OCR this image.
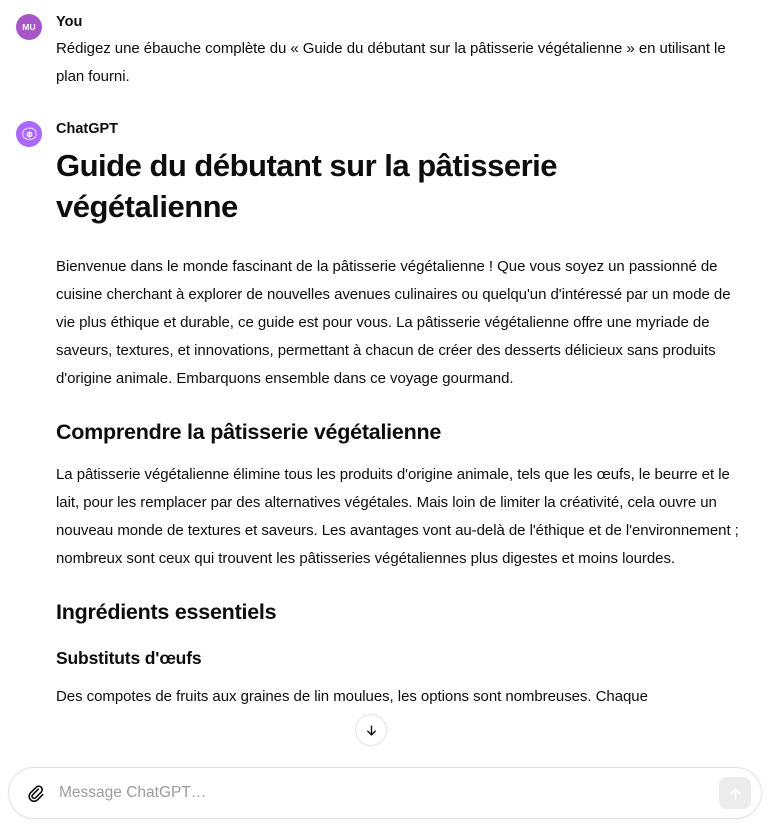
MU	You

Rédigez une ébauche complète du « Guide du débutant sur la pâtisserie végétalienne » en utilisant le plan fourni.

ChatGPT
Guide du débutant sur la pâtisserie végétalienne

Bienvenue dans le monde fascinant de la pâtisserie végétalienne ! Que vous soyez un passionné de cuisine cherchant à explorer de nouvelles avenues culinaires ou quelqu'un d'intéressé par un mode de vie plus éthique et durable, ce guide est pour vous. La pâtisserie végétalienne offre une myriade de saveurs, textures, et innovations, permettant à chacun de créer des desserts délicieux sans produits d'origine animale. Embarquons ensemble dans ce voyage gourmand.

Comprendre la pâtisserie végétalienne

La pâtisserie végétalienne élimine tous les produits d'origine animale, tels que les œufs, le beurre et le lait, pour les remplacer par des alternatives végétales. Mais loin de limiter la créativité, cela ouvre un nouveau monde de textures et saveurs. Les avantages vont au-delà de l'éthique et de l'environnement ; nombreux sont ceux qui trouvent les pâtisseries végétaliennes plus digestes et moins lourdes.

Ingrédients essentiels
Substituts d'œufs

Des compotes de fruits aux graines de lin moulues, les options sont nombreuses. Chaque

Message ChatGPT…
